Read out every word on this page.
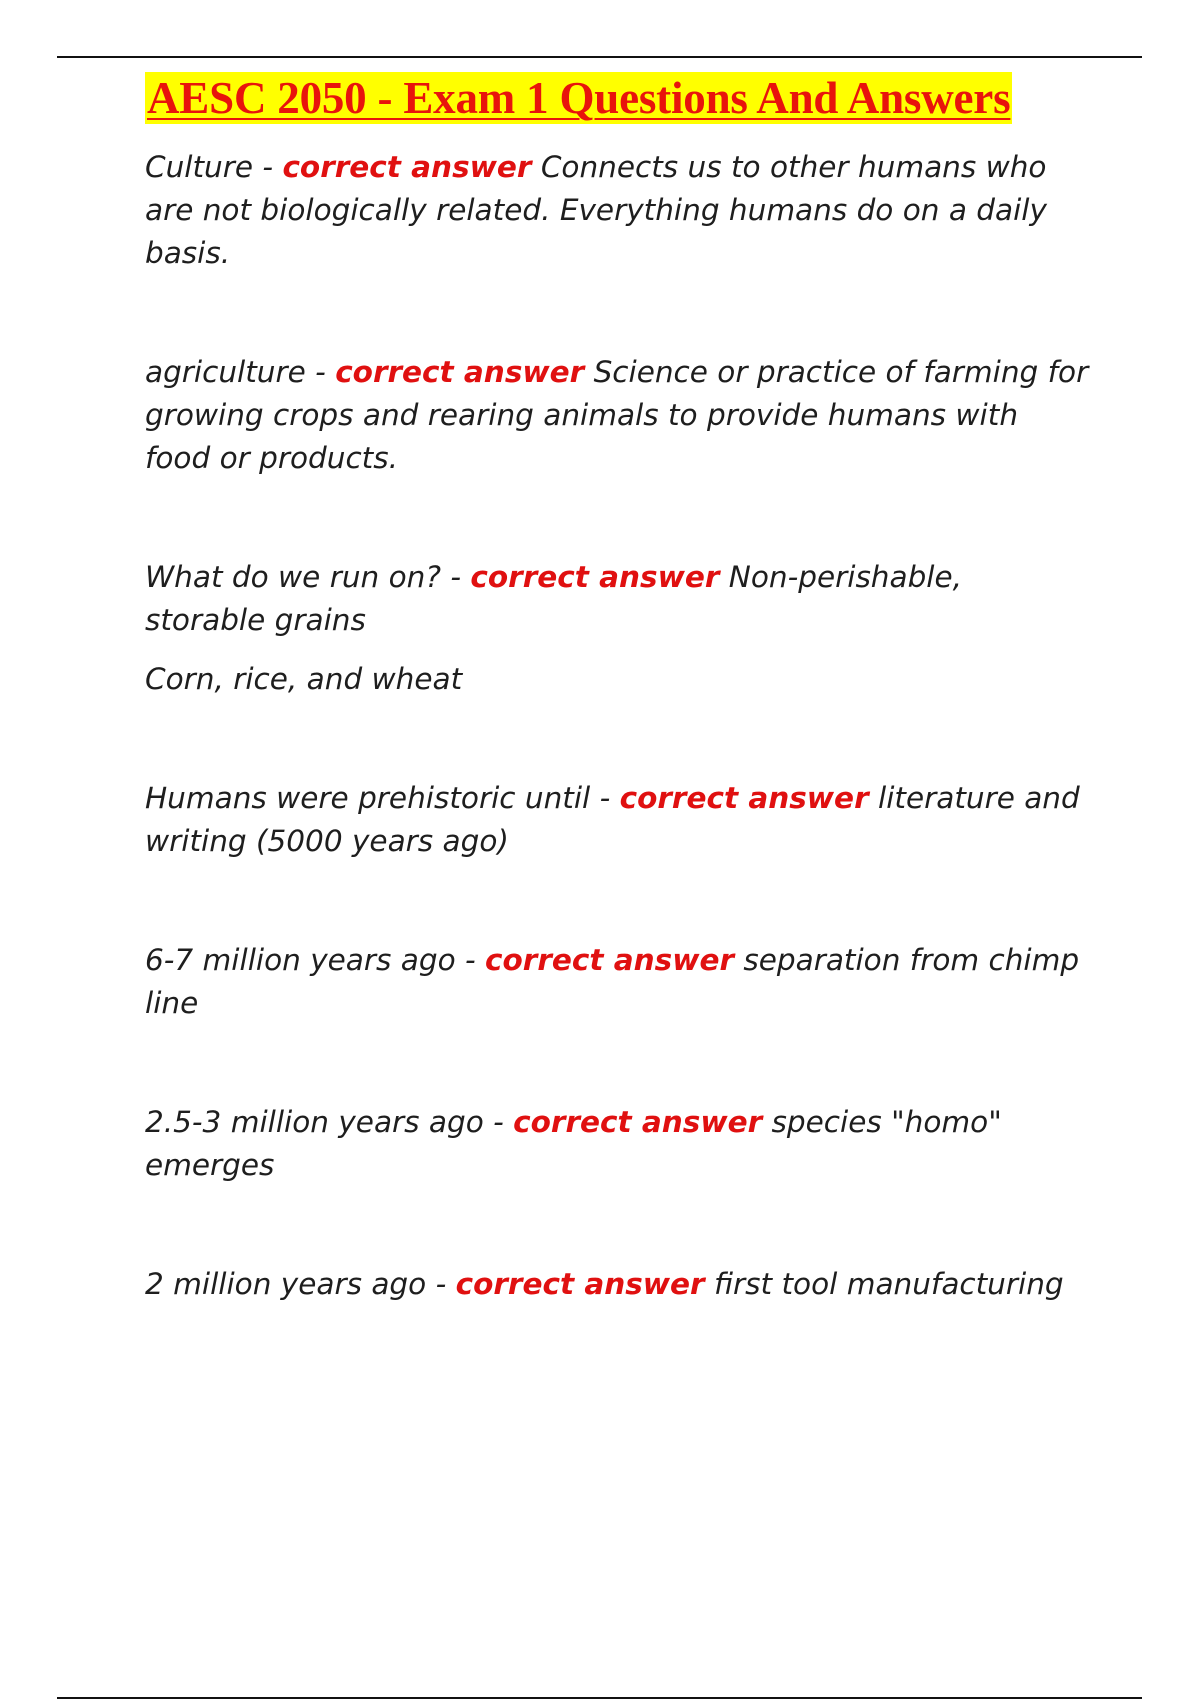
AESC 2050 - Exam 1 Questions And Answers

Culture - correct answer Connects us to other humans who are not biologically related. Everything humans do on a daily basis.

agriculture - correct answer Science or practice of farming for growing crops and rearing animals to provide humans with food or products.

What do we run on? - correct answer Non-perishable, storable grains

Corn, rice, and wheat

Humans were prehistoric until - correct answer literature and writing (5000 years ago)

6-7 million years ago - correct answer separation from chimp line

2.5-3 million years ago - correct answer species "homo" emerges

2 million years ago - correct answer first tool manufacturing
